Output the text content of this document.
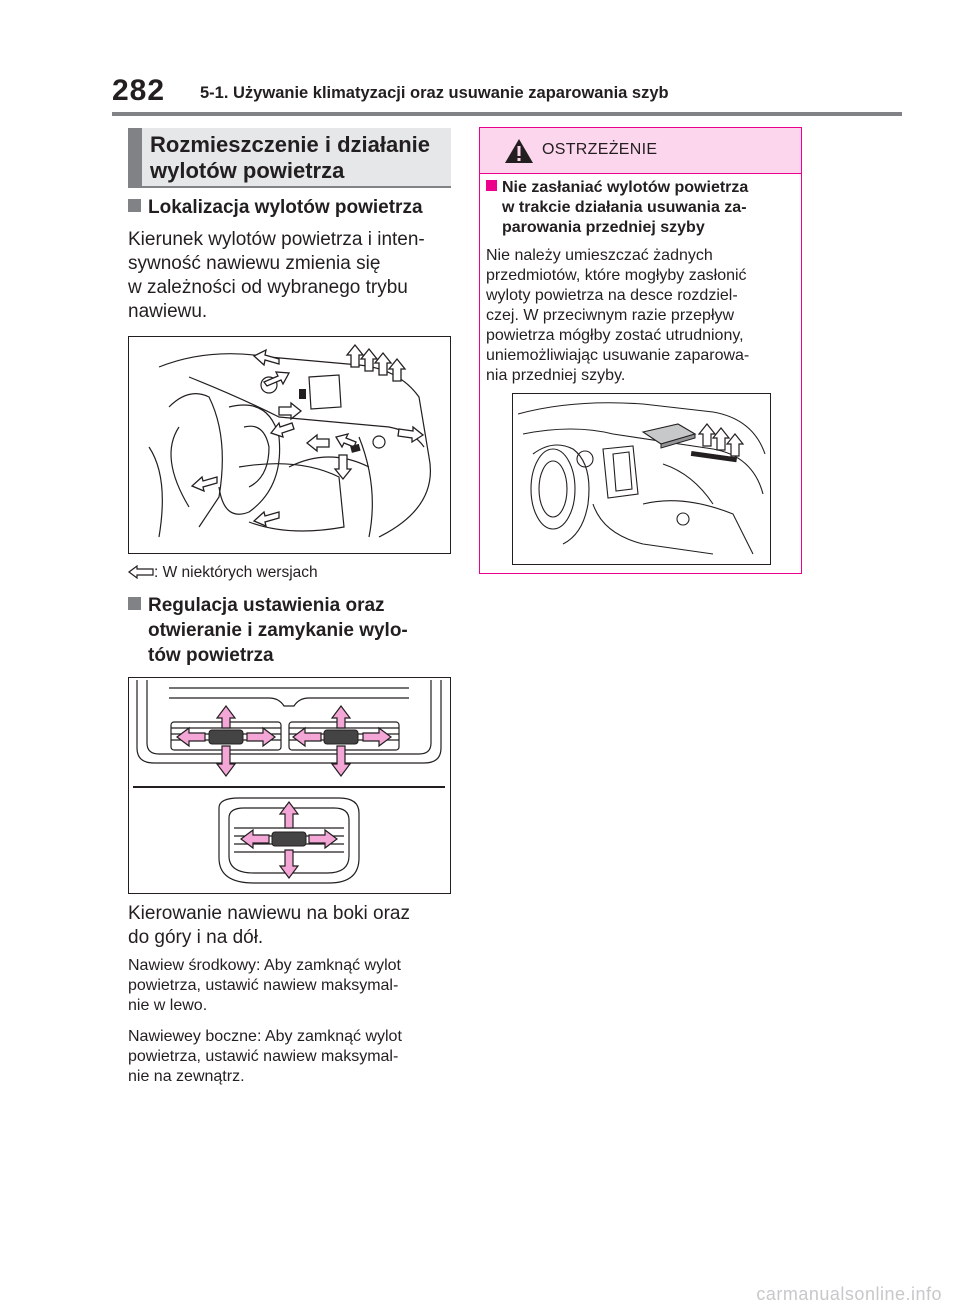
282 5-1. Używanie klimatyzacji oraz usuwanie zaparowania szyb
Rozmieszczenie i działanie
wylotów powietrza
Lokalizacja wylotów powietrza
Kierunek wylotów powietrza i inten-
sywność nawiewu zmienia się
w zależności od wybranego trybu
nawiewu.
: W niektórych wersjach
Regulacja ustawienia oraz
otwieranie i zamykanie wylo-
tów powietrza
Kierowanie nawiewu na boki oraz
do góry i na dół.
Nawiew środkowy: Aby zamknąć wylot
powietrza, ustawić nawiew maksymal-
nie w lewo.
Nawiewey boczne: Aby zamknąć wylot
powietrza, ustawić nawiew maksymal-
nie na zewnątrz.
OSTRZEŻENIE
Nie zasłaniać wylotów powietrza
w trakcie działania usuwania za-
parowania przedniej szyby
Nie należy umieszczać żadnych
przedmiotów, które mogłyby zasłonić
wyloty powietrza na desce rozdziel-
czej. W przeciwnym razie przepływ
powietrza mógłby zostać utrudniony,
uniemożliwiając usuwanie zaparowa-
nia przedniej szyby.
carmanualsonline.info
